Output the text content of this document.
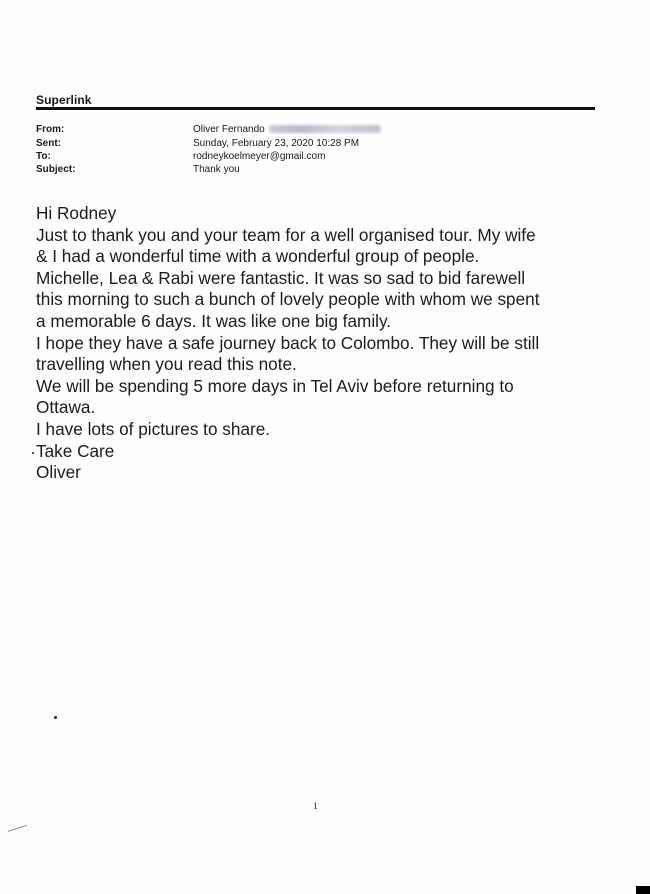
Superlink
From:	Oliver Fernando
Sent:	Sunday, February 23, 2020 10:28 PM
To:	rodneykoelmeyer@gmail.com
Subject:	Thank you
Hi Rodney
Just to thank you and your team for a well organised tour. My wife
& I had a wonderful time with a wonderful group of people.
Michelle, Lea & Rabi were fantastic. It was so sad to bid farewell
this morning to such a bunch of lovely people with whom we spent
a memorable 6 days. It was like one big family.
I hope they have a safe journey back to Colombo. They will be still
travelling when you read this note.
We will be spending 5 more days in Tel Aviv before returning to
Ottawa.
I have lots of pictures to share.
Take Care
Oliver
1
